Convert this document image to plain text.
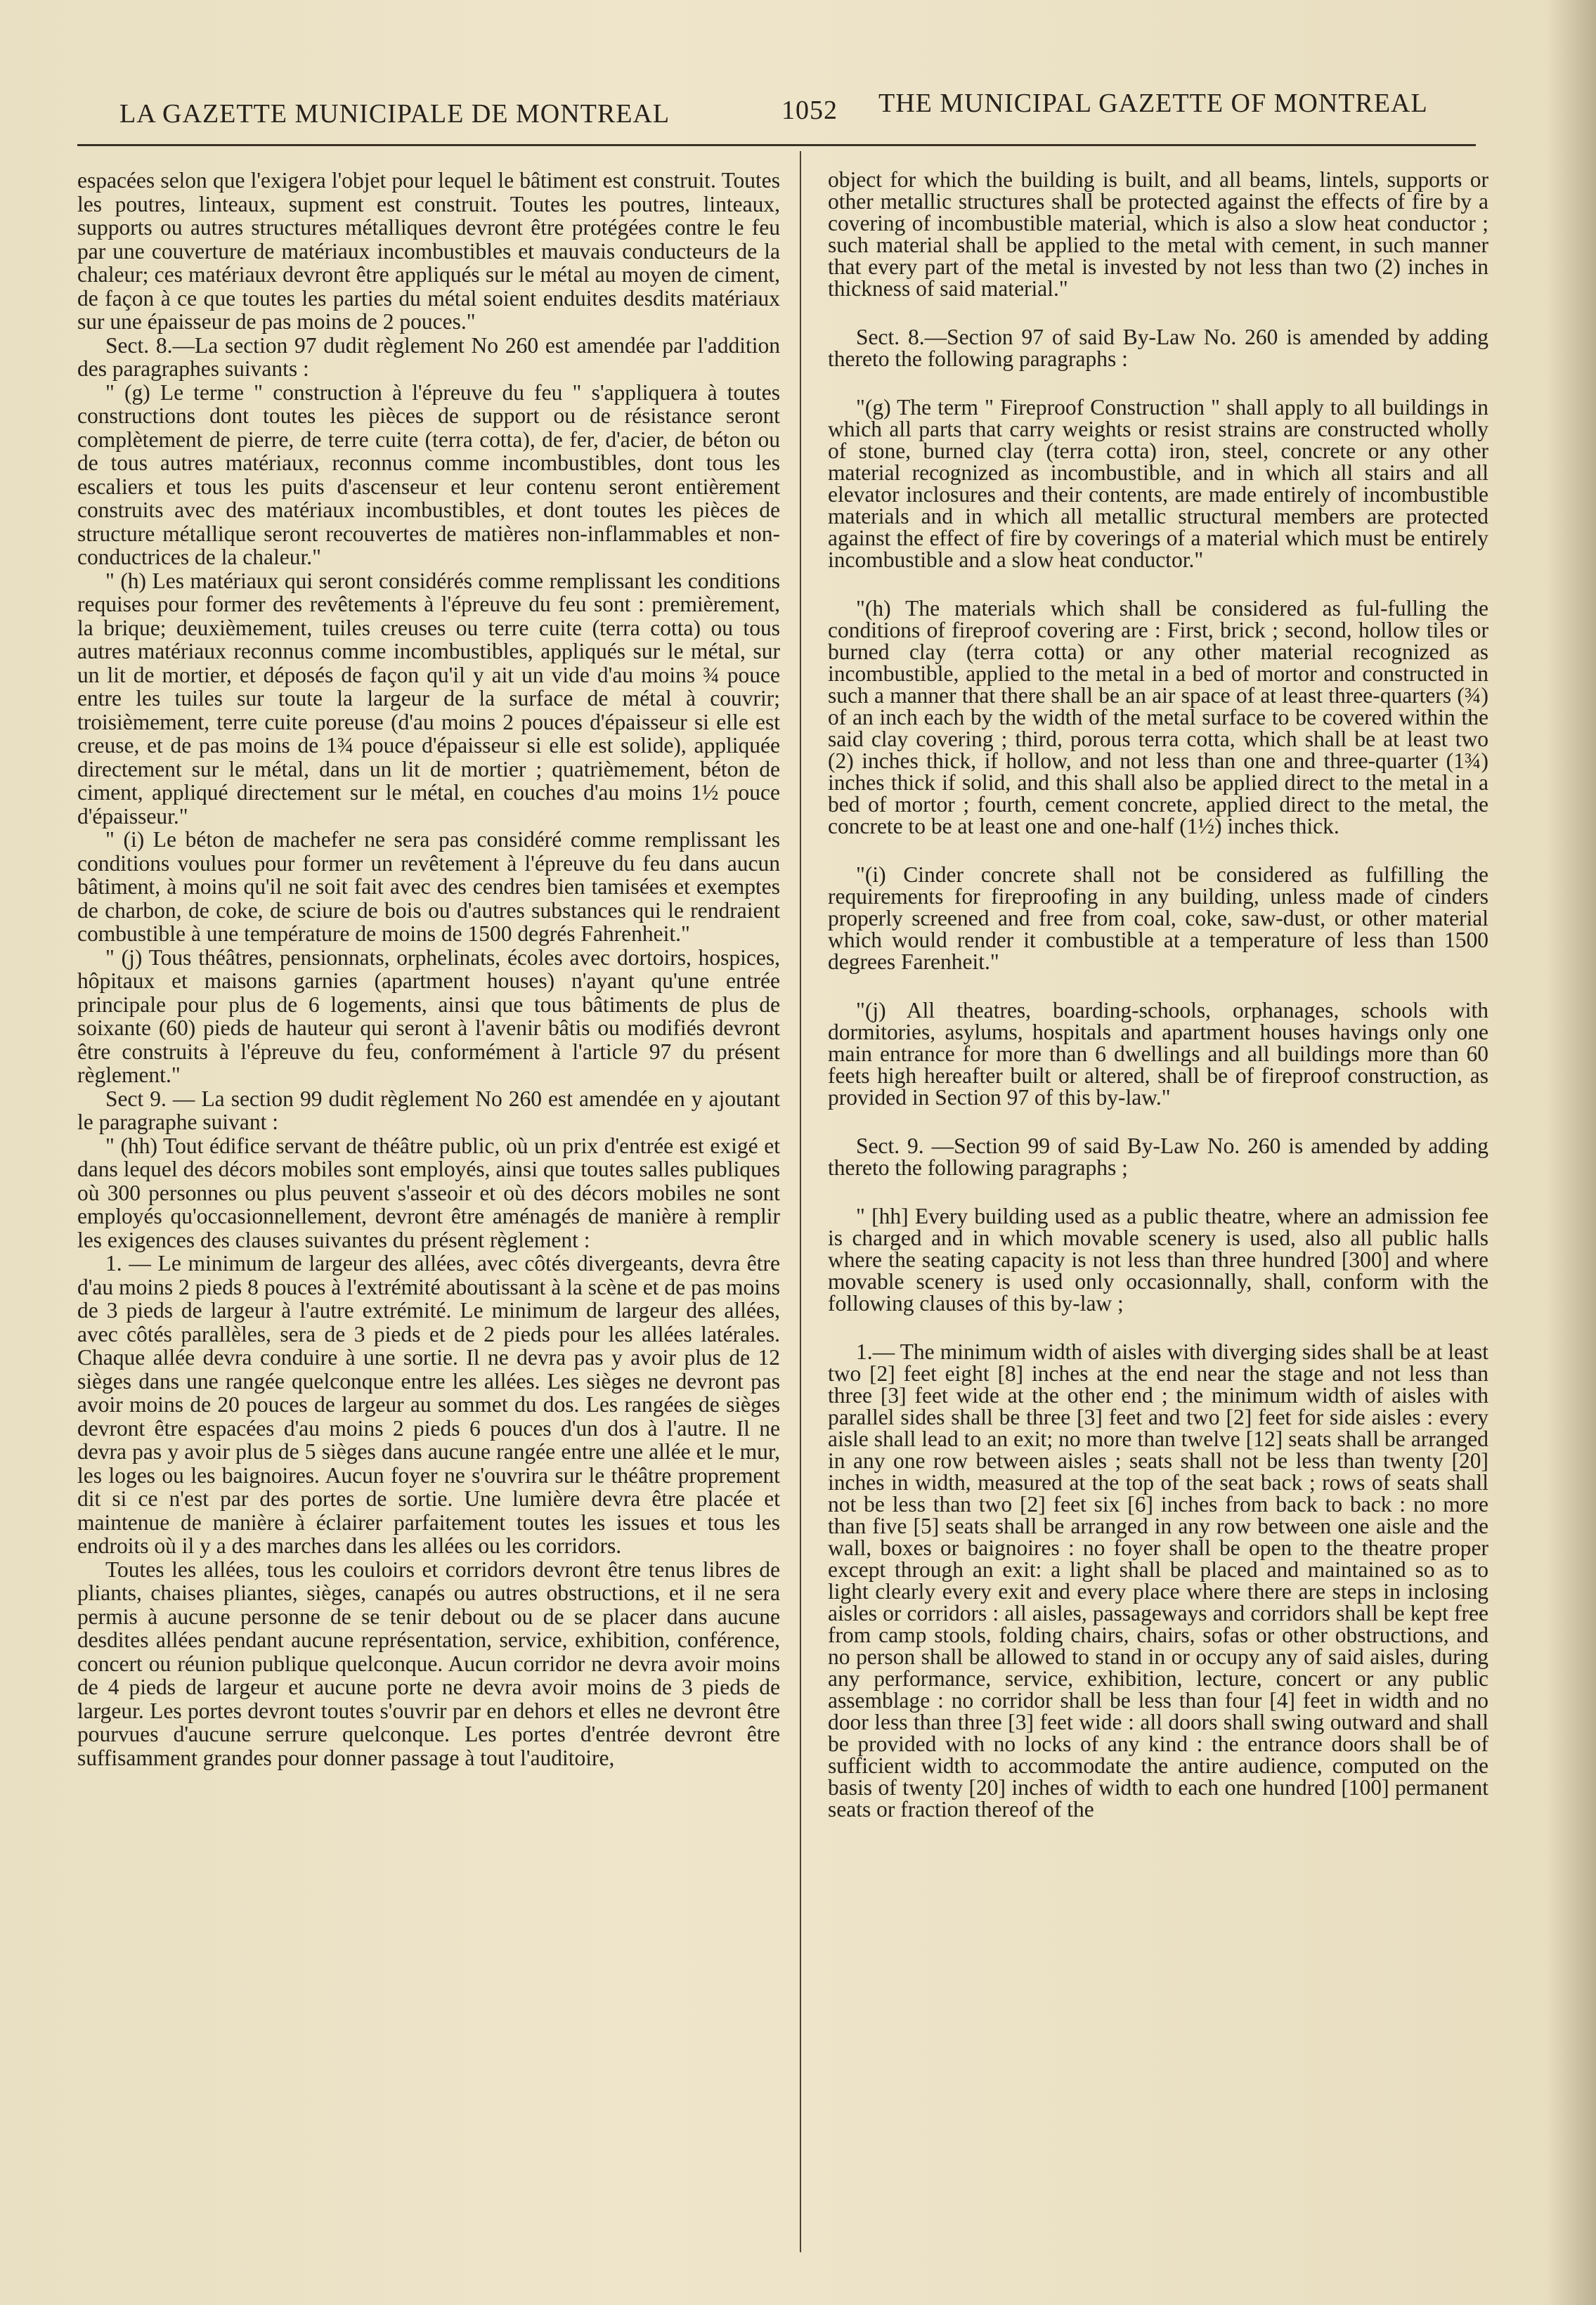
LA GAZETTE MUNICIPALE DE MONTREAL	1052 THE MUNICIPAL GAZETTE OF MONTREAL

espacées selon que l'exigera l'objet pour lequel le bâtiment est construit. Toutes les poutres, linteaux, supment est construit. Toutes les poutres, linteaux, supports ou autres structures métalliques devront être protégées contre le feu par une couverture de matériaux incombustibles et mauvais conducteurs de la chaleur; ces matériaux devront être appliqués sur le métal au moyen de ciment, de façon à ce que toutes les parties du métal soient enduites desdits matériaux sur une épaisseur de pas moins de 2 pouces."

Sect. 8.—La section 97 dudit règlement No 260 est amendée par l'addition des paragraphes suivants :

" (g) Le terme " construction à l'épreuve du feu " s'appliquera à toutes constructions dont toutes les pièces de support ou de résistance seront complètement de pierre, de terre cuite (terra cotta), de fer, d'acier, de béton ou de tous autres matériaux, reconnus comme incombustibles, dont tous les escaliers et tous les puits d'ascenseur et leur contenu seront entièrement construits avec des matériaux incombustibles, et dont toutes les pièces de structure métallique seront recouvertes de matières non-inflammables et non-conductrices de la chaleur."

" (h) Les matériaux qui seront considérés comme remplissant les conditions requises pour former des revêtements à l'épreuve du feu sont : premièrement, la brique; deuxièmement, tuiles creuses ou terre cuite (terra cotta) ou tous autres matériaux reconnus comme incombustibles, appliqués sur le métal, sur un lit de mortier, et déposés de façon qu'il y ait un vide d'au moins ¾ pouce entre les tuiles sur toute la largeur de la surface de métal à couvrir; troisièmement, terre cuite poreuse (d'au moins 2 pouces d'épaisseur si elle est creuse, et de pas moins de 1¾ pouce d'épaisseur si elle est solide), appliquée directement sur le métal, dans un lit de mortier ; quatrièmement, béton de ciment, appliqué directement sur le métal, en couches d'au moins 1½ pouce d'épaisseur."

" (i) Le béton de machefer ne sera pas considéré comme remplissant les conditions voulues pour former un revêtement à l'épreuve du feu dans aucun bâtiment, à moins qu'il ne soit fait avec des cendres bien tamisées et exemptes de charbon, de coke, de sciure de bois ou d'autres substances qui le rendraient combustible à une température de moins de 1500 degrés Fahrenheit."

" (j) Tous théâtres, pensionnats, orphelinats, écoles avec dortoirs, hospices, hôpitaux et maisons garnies (apartment houses) n'ayant qu'une entrée principale pour plus de 6 logements, ainsi que tous bâtiments de plus de soixante (60) pieds de hauteur qui seront à l'avenir bâtis ou modifiés devront être construits à l'épreuve du feu, conformément à l'article 97 du présent règlement."

Sect 9. — La section 99 dudit règlement No 260 est amendée en y ajoutant le paragraphe suivant :

" (hh) Tout édifice servant de théâtre public, où un prix d'entrée est exigé et dans lequel des décors mobiles sont employés, ainsi que toutes salles publiques où 300 personnes ou plus peuvent s'asseoir et où des décors mobiles ne sont employés qu'occasionnellement, devront être aménagés de manière à remplir les exigences des clauses suivantes du présent règlement :

1. — Le minimum de largeur des allées, avec côtés divergeants, devra être d'au moins 2 pieds 8 pouces à l'extrémité aboutissant à la scène et de pas moins de 3 pieds de largeur à l'autre extrémité. Le minimum de largeur des allées, avec côtés parallèles, sera de 3 pieds et de 2 pieds pour les allées latérales. Chaque allée devra conduire à une sortie. Il ne devra pas y avoir plus de 12 sièges dans une rangée quelconque entre les allées. Les sièges ne devront pas avoir moins de 20 pouces de largeur au sommet du dos. Les rangées de sièges devront être espacées d'au moins 2 pieds 6 pouces d'un dos à l'autre. Il ne devra pas y avoir plus de 5 sièges dans aucune rangée entre une allée et le mur, les loges ou les baignoires. Aucun foyer ne s'ouvrira sur le théâtre proprement dit si ce n'est par des portes de sortie. Une lumière devra être placée et maintenue de manière à éclairer parfaitement toutes les issues et tous les endroits où il y a des marches dans les allées ou les corridors.

Toutes les allées, tous les couloirs et corridors devront être tenus libres de pliants, chaises pliantes, sièges, canapés ou autres obstructions, et il ne sera permis à aucune personne de se tenir debout ou de se placer dans aucune desdites allées pendant aucune représentation, service, exhibition, conférence, concert ou réunion publique quelconque. Aucun corridor ne devra avoir moins de 4 pieds de largeur et aucune porte ne devra avoir moins de 3 pieds de largeur. Les portes devront toutes s'ouvrir par en dehors et elles ne devront être pourvues d'aucune serrure quelconque. Les portes d'entrée devront être suffisamment grandes pour donner passage à tout l'auditoire,

object for which the building is built, and all beams, lintels, supports or other metallic structures shall be protected against the effects of fire by a covering of incombustible material, which is also a slow heat conductor ; such material shall be applied to the metal with cement, in such manner that every part of the metal is invested by not less than two (2) inches in thickness of said material."

Sect. 8.—Section 97 of said By-Law No. 260 is amended by adding thereto the following paragraphs :

"(g) The term " Fireproof Construction " shall apply to all buildings in which all parts that carry weights or resist strains are constructed wholly of stone, burned clay (terra cotta) iron, steel, concrete or any other material recognized as incombustible, and in which all stairs and all elevator inclosures and their contents, are made entirely of incombustible materials and in which all metallic structural members are protected against the effect of fire by coverings of a material which must be entirely incombustible and a slow heat conductor."

"(h) The materials which shall be considered as ful-fulling the conditions of fireproof covering are : First, brick ; second, hollow tiles or burned clay (terra cotta) or any other material recognized as incombustible, applied to the metal in a bed of mortor and constructed in such a manner that there shall be an air space of at least three-quarters (¾) of an inch each by the width of the metal surface to be covered within the said clay covering ; third, porous terra cotta, which shall be at least two (2) inches thick, if hollow, and not less than one and three-quarter (1¾) inches thick if solid, and this shall also be applied direct to the metal in a bed of mortor ; fourth, cement concrete, applied direct to the metal, the concrete to be at least one and one-half (1½) inches thick.

"(i) Cinder concrete shall not be considered as fulfilling the requirements for fireproofing in any building, unless made of cinders properly screened and free from coal, coke, saw-dust, or other material which would render it combustible at a temperature of less than 1500 degrees Farenheit."

"(j) All theatres, boarding-schools, orphanages, schools with dormitories, asylums, hospitals and apartment houses havings only one main entrance for more than 6 dwellings and all buildings more than 60 feets high hereafter built or altered, shall be of fireproof construction, as provided in Section 97 of this by-law."

Sect. 9. —Section 99 of said By-Law No. 260 is amended by adding thereto the following paragraphs ;

" [hh] Every building used as a public theatre, where an admission fee is charged and in which movable scenery is used, also all public halls where the seating capacity is not less than three hundred [300] and where movable scenery is used only occasionnally, shall, conform with the following clauses of this by-law ;

1.— The minimum width of aisles with diverging sides shall be at least two [2] feet eight [8] inches at the end near the stage and not less than three [3] feet wide at the other end ; the minimum width of aisles with parallel sides shall be three [3] feet and two [2] feet for side aisles : every aisle shall lead to an exit; no more than twelve [12] seats shall be arranged in any one row between aisles ; seats shall not be less than twenty [20] inches in width, measured at the top of the seat back ; rows of seats shall not be less than two [2] feet six [6] inches from back to back : no more than five [5] seats shall be arranged in any row between one aisle and the wall, boxes or baignoires : no foyer shall be open to the theatre proper except through an exit: a light shall be placed and maintained so as to light clearly every exit and every place where there are steps in inclosing aisles or corridors : all aisles, passageways and corridors shall be kept free from camp stools, folding chairs, chairs, sofas or other obstructions, and no person shall be allowed to stand in or occupy any of said aisles, during any performance, service, exhibition, lecture, concert or any public assemblage : no corridor shall be less than four [4] feet in width and no door less than three [3] feet wide : all doors shall swing outward and shall be provided with no locks of any kind : the entrance doors shall be of sufficient width to accommodate the antire audience, computed on the basis of twenty [20] inches of width to each one hundred [100] permanent seats or fraction thereof of the
